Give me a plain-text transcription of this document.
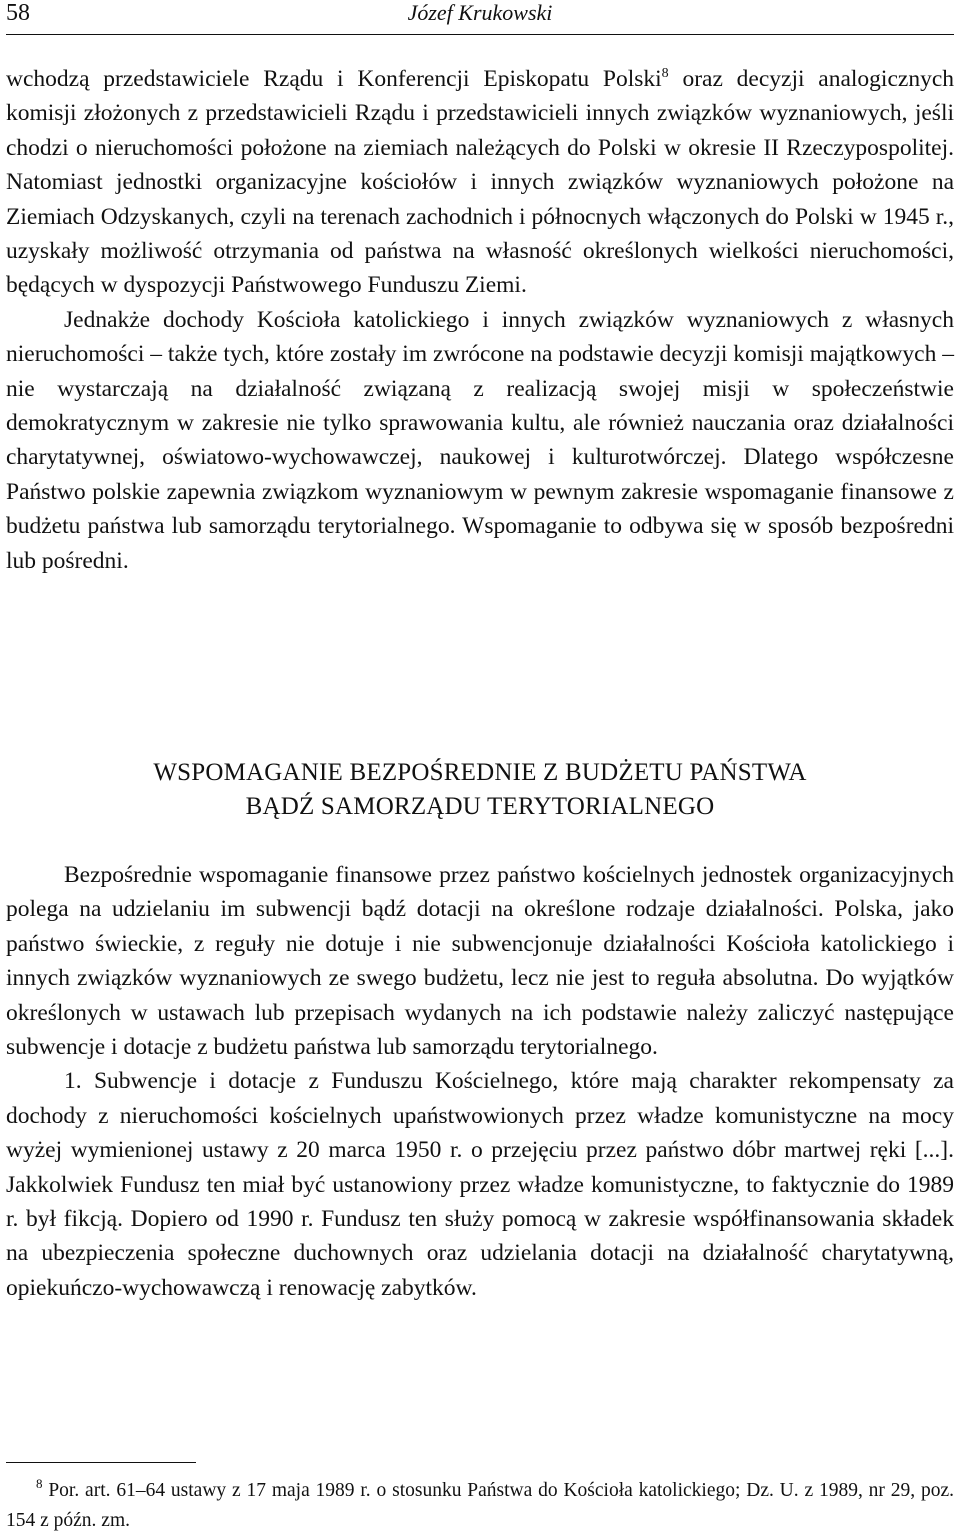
58	Józef Krukowski

wchodzą przedstawiciele Rządu i Konferencji Episkopatu Polski$^8$ oraz decyzji analogicznych komisji złożonych z przedstawicieli Rządu i przedstawicieli innych związków wyznaniowych, jeśli chodzi o nieruchomości położone na ziemiach należących do Polski w okresie II Rzeczypospolitej. Natomiast jednostki organizacyjne kościołów i innych związków wyznaniowych położone na Ziemiach Odzyskanych, czyli na terenach zachodnich i północnych włączonych do Polski w 1945 r., uzyskały możliwość otrzymania od państwa na własność określonych wielkości nieruchomości, będących w dyspozycji Państwowego Funduszu Ziemi.

Jednakże dochody Kościoła katolickiego i innych związków wyznaniowych z własnych nieruchomości – także tych, które zostały im zwrócone na podstawie decyzji komisji majątkowych – nie wystarczają na działalność związaną z realizacją swojej misji w społeczeństwie demokratycznym w zakresie nie tylko sprawowania kultu, ale również nauczania oraz działalności charytatywnej, oświatowo-wychowawczej, naukowej i kulturotwórczej. Dlatego współczesne Państwo polskie zapewnia związkom wyznaniowym w pewnym zakresie wspomaganie finansowe z budżetu państwa lub samorządu terytorialnego. Wspomaganie to odbywa się w sposób bezpośredni lub pośredni.

WSPOMAGANIE BEZPOŚREDNIE Z BUDŻETU PAŃSTWA
BĄDŹ SAMORZĄDU TERYTORIALNEGO

Bezpośrednie wspomaganie finansowe przez państwo kościelnych jednostek organizacyjnych polega na udzielaniu im subwencji bądź dotacji na określone rodzaje działalności. Polska, jako państwo świeckie, z reguły nie dotuje i nie subwencjonuje działalności Kościoła katolickiego i innych związków wyznaniowych ze swego budżetu, lecz nie jest to reguła absolutna. Do wyjątków określonych w ustawach lub przepisach wydanych na ich podstawie należy zaliczyć następujące subwencje i dotacje z budżetu państwa lub samorządu terytorialnego.

1. Subwencje i dotacje z Funduszu Kościelnego, które mają charakter rekompensaty za dochody z nieruchomości kościelnych upaństwowionych przez władze komunistyczne na mocy wyżej wymienionej ustawy z 20 marca 1950 r. o przejęciu przez państwo dóbr martwej ręki [...]. Jakkolwiek Fundusz ten miał być ustanowiony przez władze komunistyczne, to faktycznie do 1989 r. był fikcją. Dopiero od 1990 r. Fundusz ten służy pomocą w zakresie współfinansowania składek na ubezpieczenia społeczne duchownych oraz udzielania dotacji na działalność charytatywną, opiekuńczo-wychowawczą i renowację zabytków.

$^8$ Por. art. 61–64 ustawy z 17 maja 1989 r. o stosunku Państwa do Kościoła katolickiego; Dz. U. z 1989, nr 29, poz. 154 z późn. zm.
